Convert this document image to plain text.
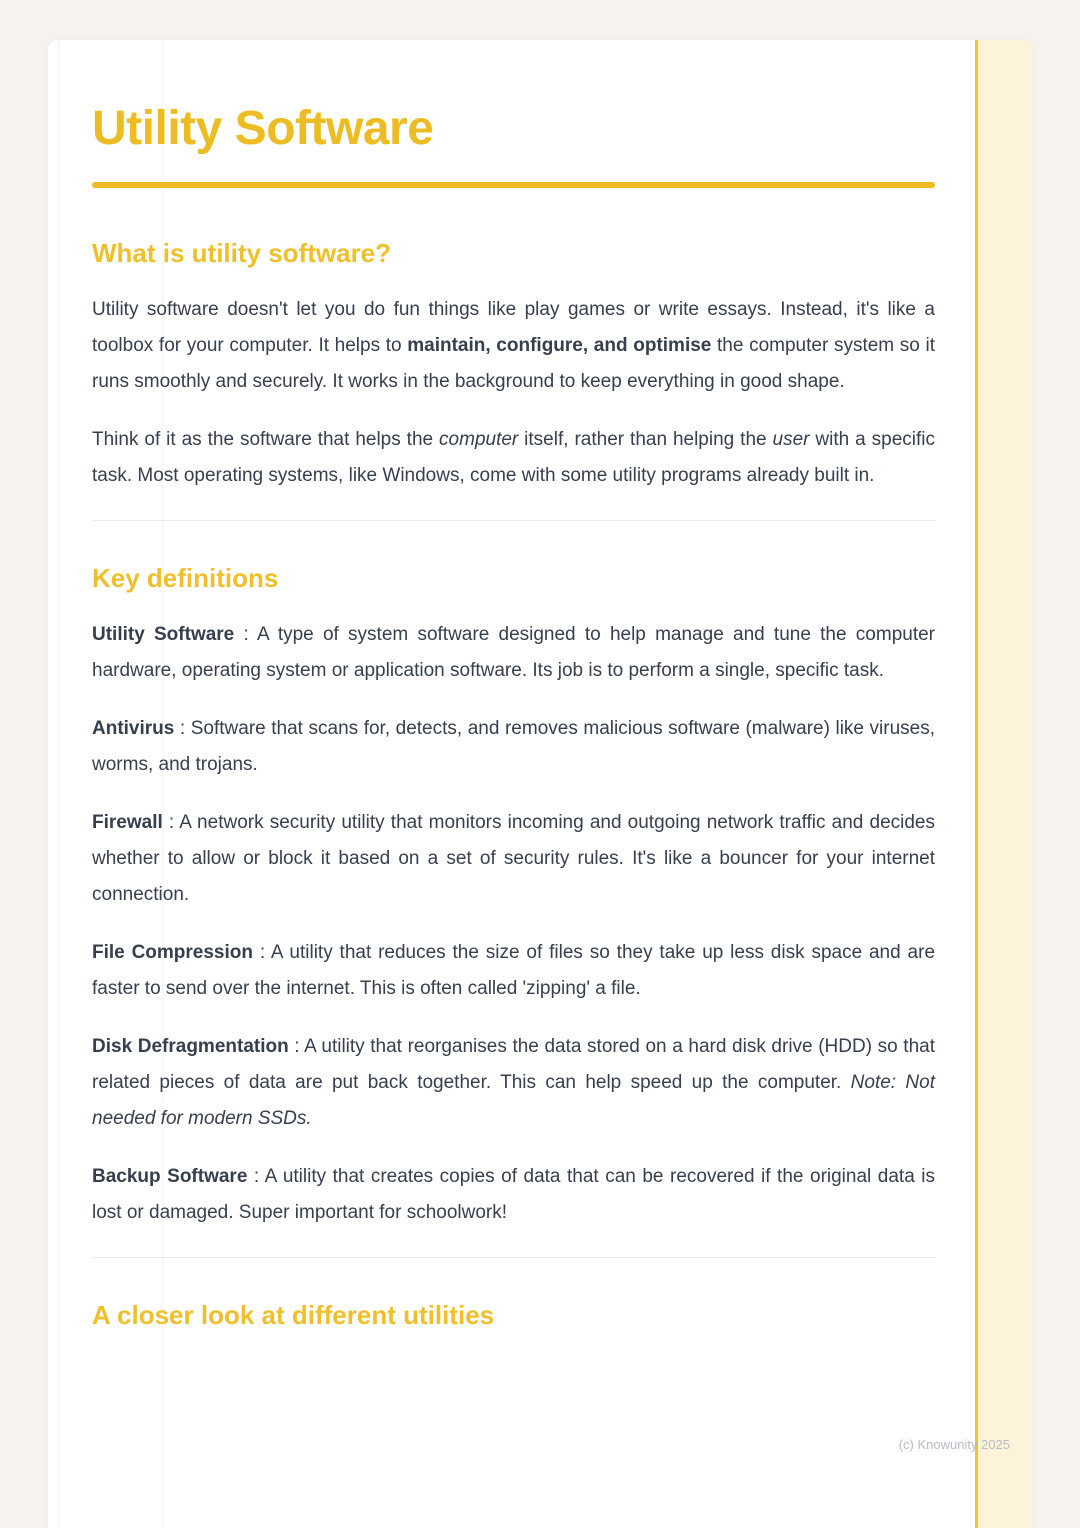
Utility Software
What is utility software?

Utility software doesn't let you do fun things like play games or write essays. Instead, it's like a toolbox for your computer. It helps to maintain, configure, and optimise the computer system so it runs smoothly and securely. It works in the background to keep everything in good shape.

Think of it as the software that helps the computer itself, rather than helping the user with a specific task. Most operating systems, like Windows, come with some utility programs already built in.

Key definitions

Utility Software : A type of system software designed to help manage and tune the computer hardware, operating system or application software. Its job is to perform a single, specific task.

Antivirus : Software that scans for, detects, and removes malicious software (malware) like viruses, worms, and trojans.

Firewall : A network security utility that monitors incoming and outgoing network traffic and decides whether to allow or block it based on a set of security rules. It's like a bouncer for your internet connection.

File Compression : A utility that reduces the size of files so they take up less disk space and are faster to send over the internet. This is often called 'zipping' a file.

Disk Defragmentation : A utility that reorganises the data stored on a hard disk drive (HDD) so that related pieces of data are put back together. This can help speed up the computer. Note: Not needed for modern SSDs.

Backup Software : A utility that creates copies of data that can be recovered if the original data is lost or damaged. Super important for schoolwork!

A closer look at different utilities
(c) Knowunity 2025
